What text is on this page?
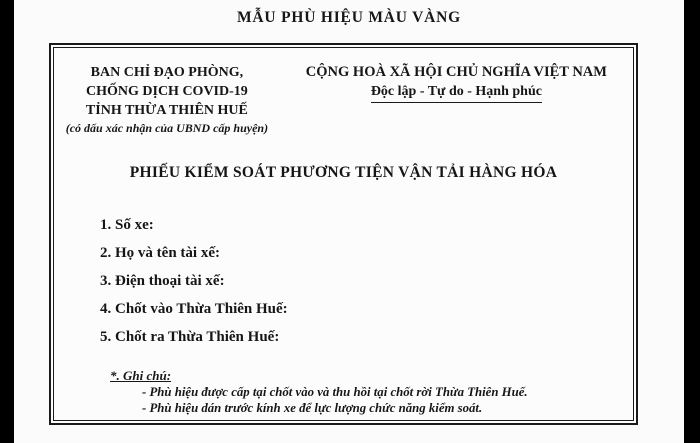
MẪU PHÙ HIỆU MÀU VÀNG
BAN CHỈ ĐẠO PHÒNG,
CHỐNG DỊCH COVID-19
TỈNH THỪA THIÊN HUẾ
(có dấu xác nhận của UBND cấp huyện)
CỘNG HOÀ XÃ HỘI CHỦ NGHĨA VIỆT NAM
Độc lập - Tự do - Hạnh phúc
PHIẾU KIỂM SOÁT PHƯƠNG TIỆN VẬN TẢI HÀNG HÓA
1. Số xe:
2. Họ và tên tài xế:
3. Điện thoại tài xế:
4. Chốt vào Thừa Thiên Huế:
5. Chốt ra Thừa Thiên Huế:
*. Ghi chú:
- Phù hiệu được cấp tại chốt vào và thu hồi tại chốt rời Thừa Thiên Huế.
- Phù hiệu dán trước kính xe để lực lượng chức năng kiểm soát.
